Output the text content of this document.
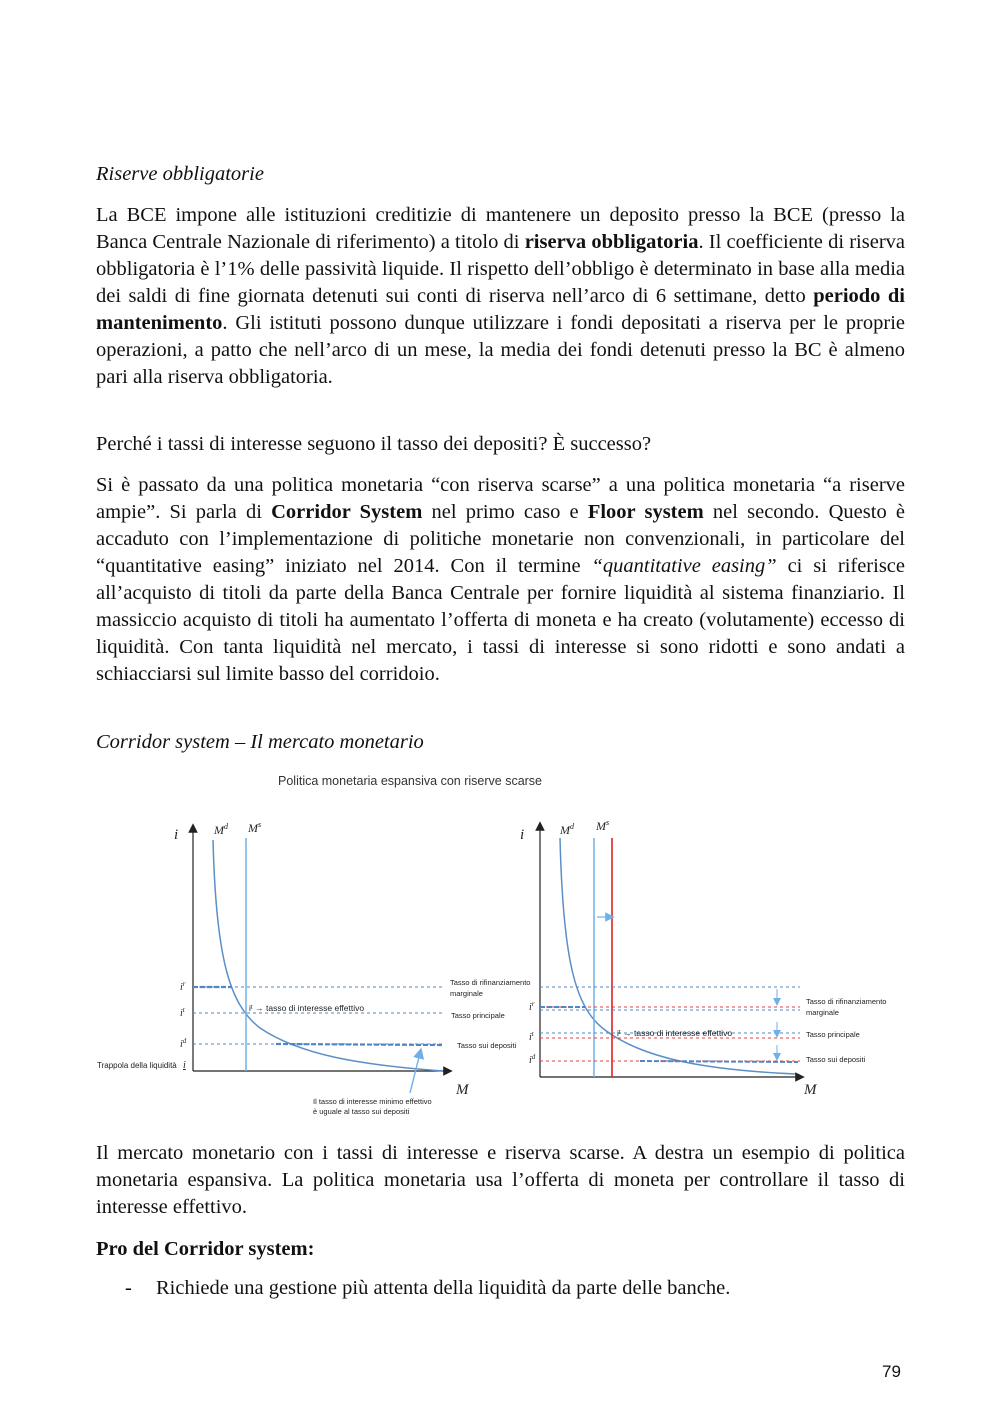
Riserve obbligatorie

La BCE impone alle istituzioni creditizie di mantenere un deposito presso la BCE (presso la Banca Centrale Nazionale di riferimento) a titolo di riserva obbligatoria. Il coefficiente di riserva obbligatoria è l’1% delle passività liquide. Il rispetto dell’obbligo è determinato in base alla media dei saldi di fine giornata detenuti sui conti di riserva nell’arco di 6 settimane, detto periodo di mantenimento. Gli istituti possono dunque utilizzare i fondi depositati a riserva per le proprie operazioni, a patto che nell’arco di un mese, la media dei fondi detenuti presso la BC è almeno pari alla riserva obbligatoria.

Perché i tassi di interesse seguono il tasso dei depositi? È successo?

Si è passato da una politica monetaria “con riserva scarse” a una politica monetaria “a riserve ampie”. Si parla di Corridor System nel primo caso e Floor system nel secondo. Questo è accaduto con l’implementazione di politiche monetarie non convenzionali, in particolare del “quantitative easing” iniziato nel 2014. Con il termine “quantitative easing” ci si riferisce all’acquisto di titoli da parte della Banca Centrale per fornire liquidità al sistema finanziario. Il massiccio acquisto di titoli ha aumentato l’offerta di moneta e ha creato (volutamente) eccesso di liquidità. Con tanta liquidità nel mercato, i tassi di interesse si sono ridotti e sono andati a schiacciarsi sul limite basso del corridoio.

Corridor system – Il mercato monetario
Politica monetaria espansiva con riserve scarse
i
M
$M^d$ $M^s$
$i^r$
$i^t$
$i^d$
i
Trappola della liquidità
iᵗ → tasso di interesse effettivo
Tasso di rifinanziamento
marginale
Tasso principale
Tasso sui depositi
Il tasso di interesse minimo effettivo
è uguale al tasso sui depositi
i
M
$M^d$ $M^s$
$i^r$
$i^t$
$i^d$
iᵗ → tasso di interesse effettivo
Tasso di rifinanziamento
marginale
Tasso principale
Tasso sui depositi

Il mercato monetario con i tassi di interesse e riserva scarse. A destra un esempio di politica monetaria espansiva. La politica monetaria usa l’offerta di moneta per controllare il tasso di interesse effettivo.

Pro del Corridor system:
- Richiede una gestione più attenta della liquidità da parte delle banche.
79
